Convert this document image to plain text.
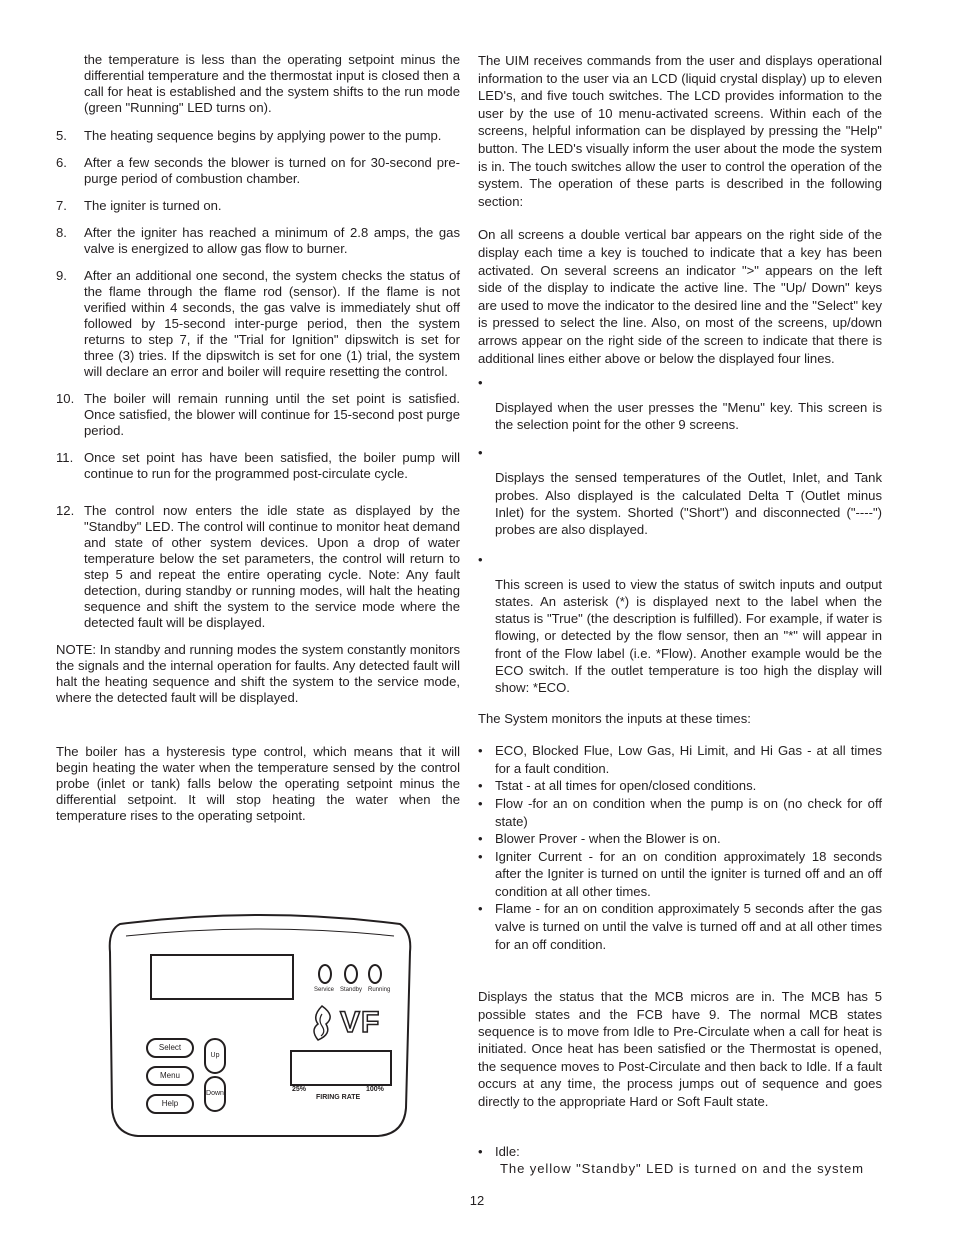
the temperature is less than the operating setpoint minus the differential temperature and the thermostat input is closed then a call for heat is established and the system shifts to the run mode (green "Running" LED turns on).

5. The heating sequence begins by applying power to the pump.
6. After a few seconds the blower is turned on for 30-second pre-purge period of combustion chamber.
7. The igniter is turned on.
8. After the igniter has reached a minimum of 2.8 amps, the gas valve is energized to allow gas flow to burner.
9. After an additional one second, the system checks the status of the flame through the flame rod (sensor). If the flame is not verified within 4 seconds, the gas valve is immediately shut off followed by 15-second inter-purge period, then the system returns to step 7, if the "Trial for Ignition" dipswitch is set for three (3) tries. If the dipswitch is set for one (1) trial, the system will declare an error and boiler will require resetting the control.
10. The boiler will remain running until the set point is satisfied. Once satisfied, the blower will continue for 15-second post purge period.
11. Once set point has have been satisfied, the boiler pump will continue to run for the programmed post-circulate cycle.
12. The control now enters the idle state as displayed by the "Standby" LED. The control will continue to monitor heat demand and state of other system devices. Upon a drop of water temperature below the set parameters, the control will return to step 5 and repeat the entire operating cycle. Note: Any fault detection, during standby or running modes, will halt the heating sequence and shift the system to the service mode where the detected fault will be displayed.

NOTE: In standby and running modes the system constantly monitors the signals and the internal operation for faults. Any detected fault will halt the heating sequence and shift the system to the service mode, where the detected fault will be displayed.

The boiler has a hysteresis type control, which means that it will begin heating the water when the temperature sensed by the control probe (inlet or tank) falls below the operating setpoint minus the differential setpoint. It will stop heating the water when the temperature rises to the operating setpoint.

Service Standby Running
VF
Select
Menu
Help
Up
Down
25%	100%
FIRING RATE

The UIM receives commands from the user and displays operational information to the user via an LCD (liquid crystal display) up to eleven LED's, and five touch switches. The LCD provides information to the user by the use of 10 menu-activated screens. Within each of the screens, helpful information can be displayed by pressing the "Help" button. The LED's visually inform the user about the mode the system is in. The touch switches allow the user to control the operation of the system. The operation of these parts is described in the following section:

On all screens a double vertical bar appears on the right side of the display each time a key is touched to indicate that a key has been activated. On several screens an indicator ">" appears on the left side of the display to indicate the active line. The "Up/ Down" keys are used to move the indicator to the desired line and the "Select" key is pressed to select the line. Also, on most of the screens, up/down arrows appear on the right side of the screen to indicate that there is additional lines either above or below the displayed four lines.

•

Displayed when the user presses the "Menu" key. This screen is the selection point for the other 9 screens.

•

Displays the sensed temperatures of the Outlet, Inlet, and Tank probes. Also displayed is the calculated Delta T (Outlet minus Inlet) for the system. Shorted ("Short") and disconnected ("----") probes are also displayed.

•

This screen is used to view the status of switch inputs and output states. An asterisk (*) is displayed next to the label when the status is "True" (the description is fulfilled). For example, if water is flowing, or detected by the flow sensor, then an "*" will appear in front of the Flow label (i.e. *Flow). Another example would be the ECO switch. If the outlet temperature is too high the display will show: *ECO.

The System monitors the inputs at these times:

• ECO, Blocked Flue, Low Gas, Hi Limit, and Hi Gas - at all times for a fault condition.
• Tstat - at all times for open/closed conditions.
• Flow -for an on condition when the pump is on (no check for off state)
• Blower Prover - when the Blower is on.
• Igniter Current - for an on condition approximately 18 seconds after the Igniter is turned on until the igniter is turned off and an off condition at all other times.
• Flame - for an on condition approximately 5 seconds after the gas valve is turned on until the valve is turned off and at all other times for an off condition.

Displays the status that the MCB micros are in. The MCB has 5 possible states and the FCB have 9. The normal MCB states sequence is to move from Idle to Pre-Circulate when a call for heat is initiated. Once heat has been satisfied or the Thermostat is opened, the sequence moves to Post-Circulate and then back to Idle. If a fault occurs at any time, the process jumps out of sequence and goes directly to the appropriate Hard or Soft Fault state.

• Idle:

The yellow "Standby" LED is turned on and the system

12
